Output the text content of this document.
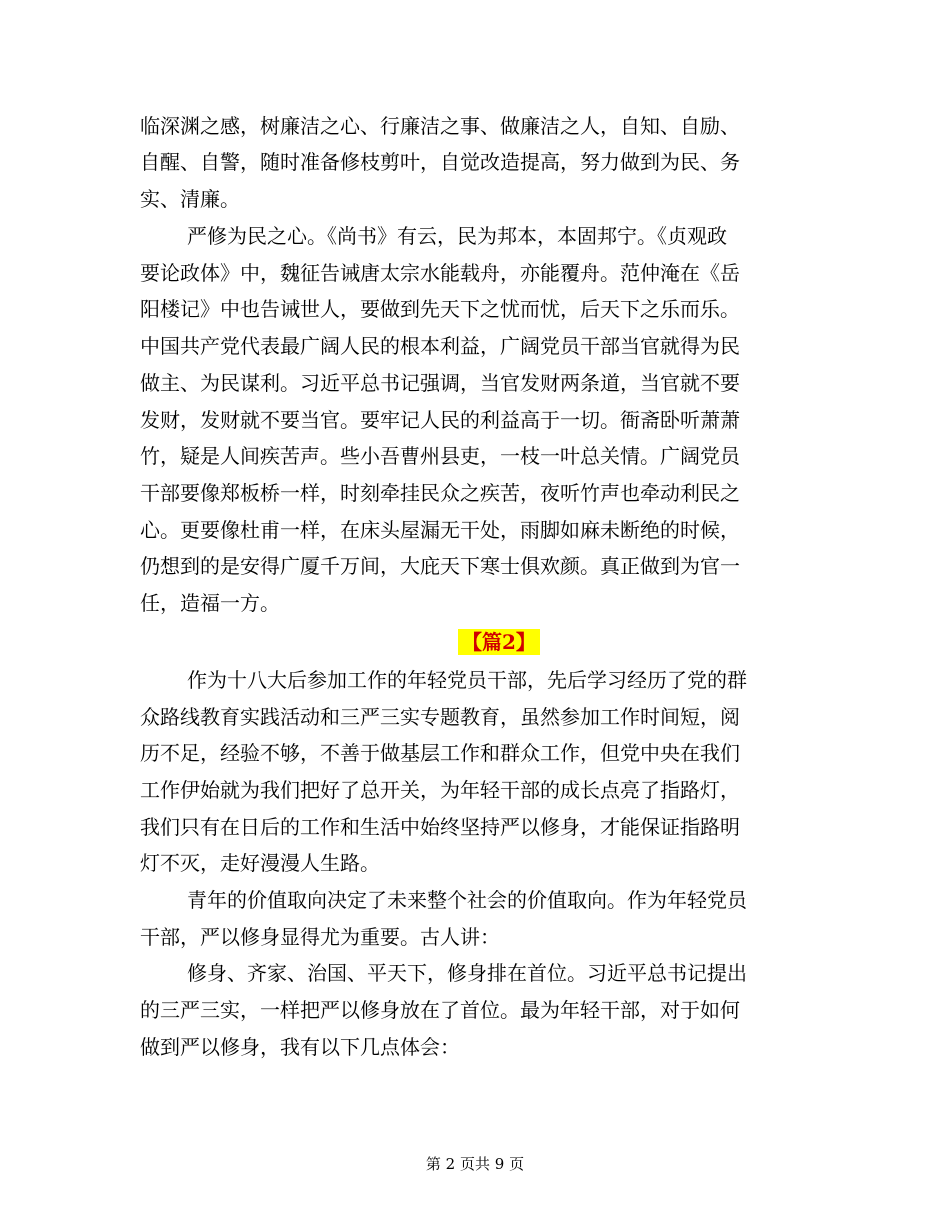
临深渊之感，树廉洁之心、行廉洁之事、做廉洁之人，自知、自励、
自醒、自警，随时准备修枝剪叶，自觉改造提高，努力做到为民、务
实、清廉。
严修为民之心。《尚书》有云，民为邦本，本固邦宁。《贞观政
要论政体》中，魏征告诫唐太宗水能载舟，亦能覆舟。范仲淹在《岳
阳楼记》中也告诫世人，要做到先天下之忧而忧，后天下之乐而乐。
中国共产党代表最广阔人民的根本利益，广阔党员干部当官就得为民
做主、为民谋利。习近平总书记强调，当官发财两条道，当官就不要
发财，发财就不要当官。要牢记人民的利益高于一切。衙斋卧听萧萧
竹，疑是人间疾苦声。些小吾曹州县吏，一枝一叶总关情。广阔党员
干部要像郑板桥一样，时刻牵挂民众之疾苦，夜听竹声也牵动利民之
心。更要像杜甫一样，在床头屋漏无干处，雨脚如麻未断绝的时候，
仍想到的是安得广厦千万间，大庇天下寒士俱欢颜。真正做到为官一
任，造福一方。
【篇2】
作为十八大后参加工作的年轻党员干部，先后学习经历了党的群
众路线教育实践活动和三严三实专题教育，虽然参加工作时间短，阅
历不足，经验不够，不善于做基层工作和群众工作，但党中央在我们
工作伊始就为我们把好了总开关，为年轻干部的成长点亮了指路灯，
我们只有在日后的工作和生活中始终坚持严以修身，才能保证指路明
灯不灭，走好漫漫人生路。
青年的价值取向决定了未来整个社会的价值取向。作为年轻党员
干部，严以修身显得尤为重要。古人讲：
修身、齐家、治国、平天下，修身排在首位。习近平总书记提出
的三严三实，一样把严以修身放在了首位。最为年轻干部，对于如何
做到严以修身，我有以下几点体会：
第 2 页共 9 页
